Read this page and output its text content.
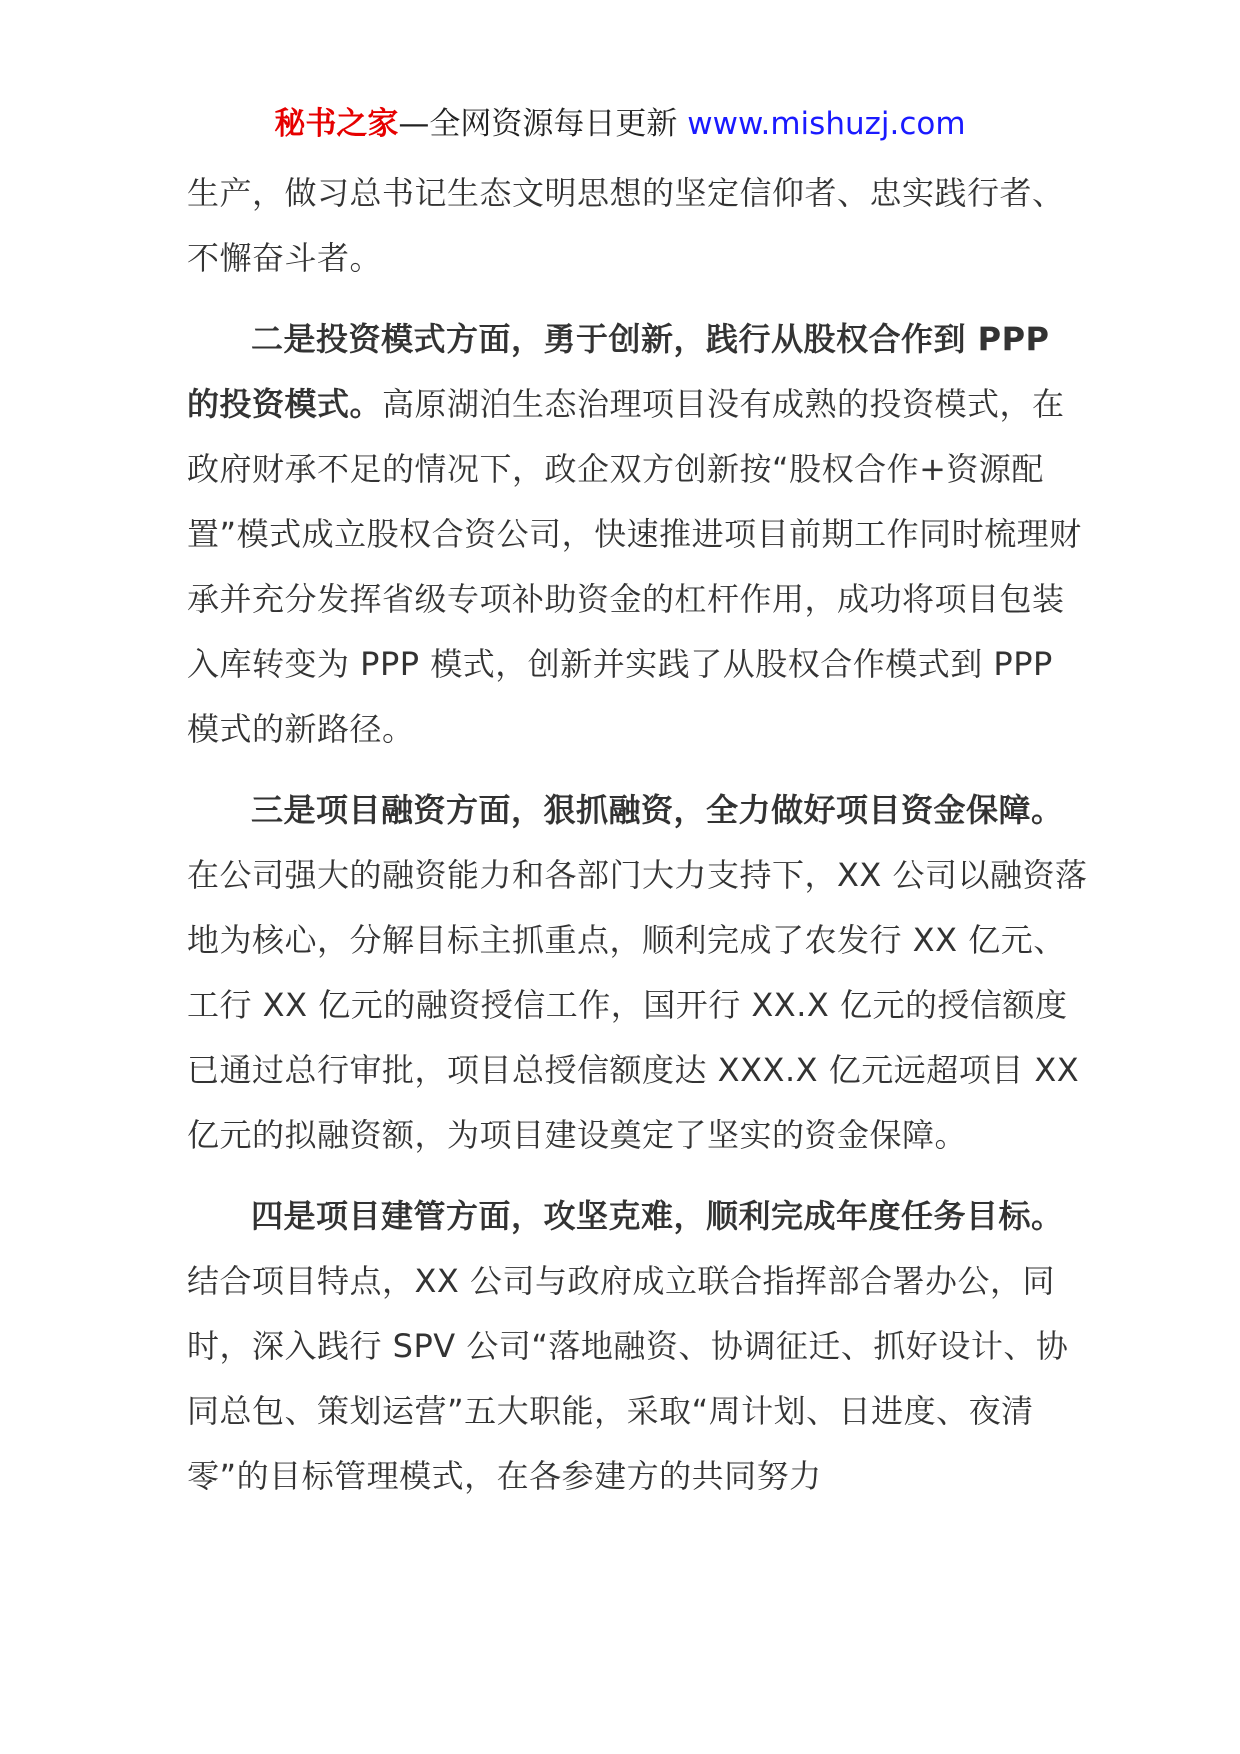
秘书之家—全网资源每日更新 www.mishuzj.com

生产，做习总书记生态文明思想的坚定信仰者、忠实践行者、不懈奋斗者。

二是投资模式方面，勇于创新，践行从股权合作到 PPP 的投资模式。高原湖泊生态治理项目没有成熟的投资模式，在政府财承不足的情况下，政企双方创新按“股权合作+资源配置”模式成立股权合资公司，快速推进项目前期工作同时梳理财承并充分发挥省级专项补助资金的杠杆作用，成功将项目包装入库转变为 PPP 模式，创新并实践了从股权合作模式到 PPP 模式的新路径。

三是项目融资方面，狠抓融资，全力做好项目资金保障。在公司强大的融资能力和各部门大力支持下，XX 公司以融资落地为核心，分解目标主抓重点，顺利完成了农发行 XX 亿元、工行 XX 亿元的融资授信工作，国开行 XX.X 亿元的授信额度已通过总行审批，项目总授信额度达 XXX.X 亿元远超项目 XX 亿元的拟融资额，为项目建设奠定了坚实的资金保障。

四是项目建管方面，攻坚克难，顺利完成年度任务目标。结合项目特点，XX 公司与政府成立联合指挥部合署办公，同时，深入践行 SPV 公司“落地融资、协调征迁、抓好设计、协同总包、策划运营”五大职能，采取“周计划、日进度、夜清零”的目标管理模式，在各参建方的共同努力
